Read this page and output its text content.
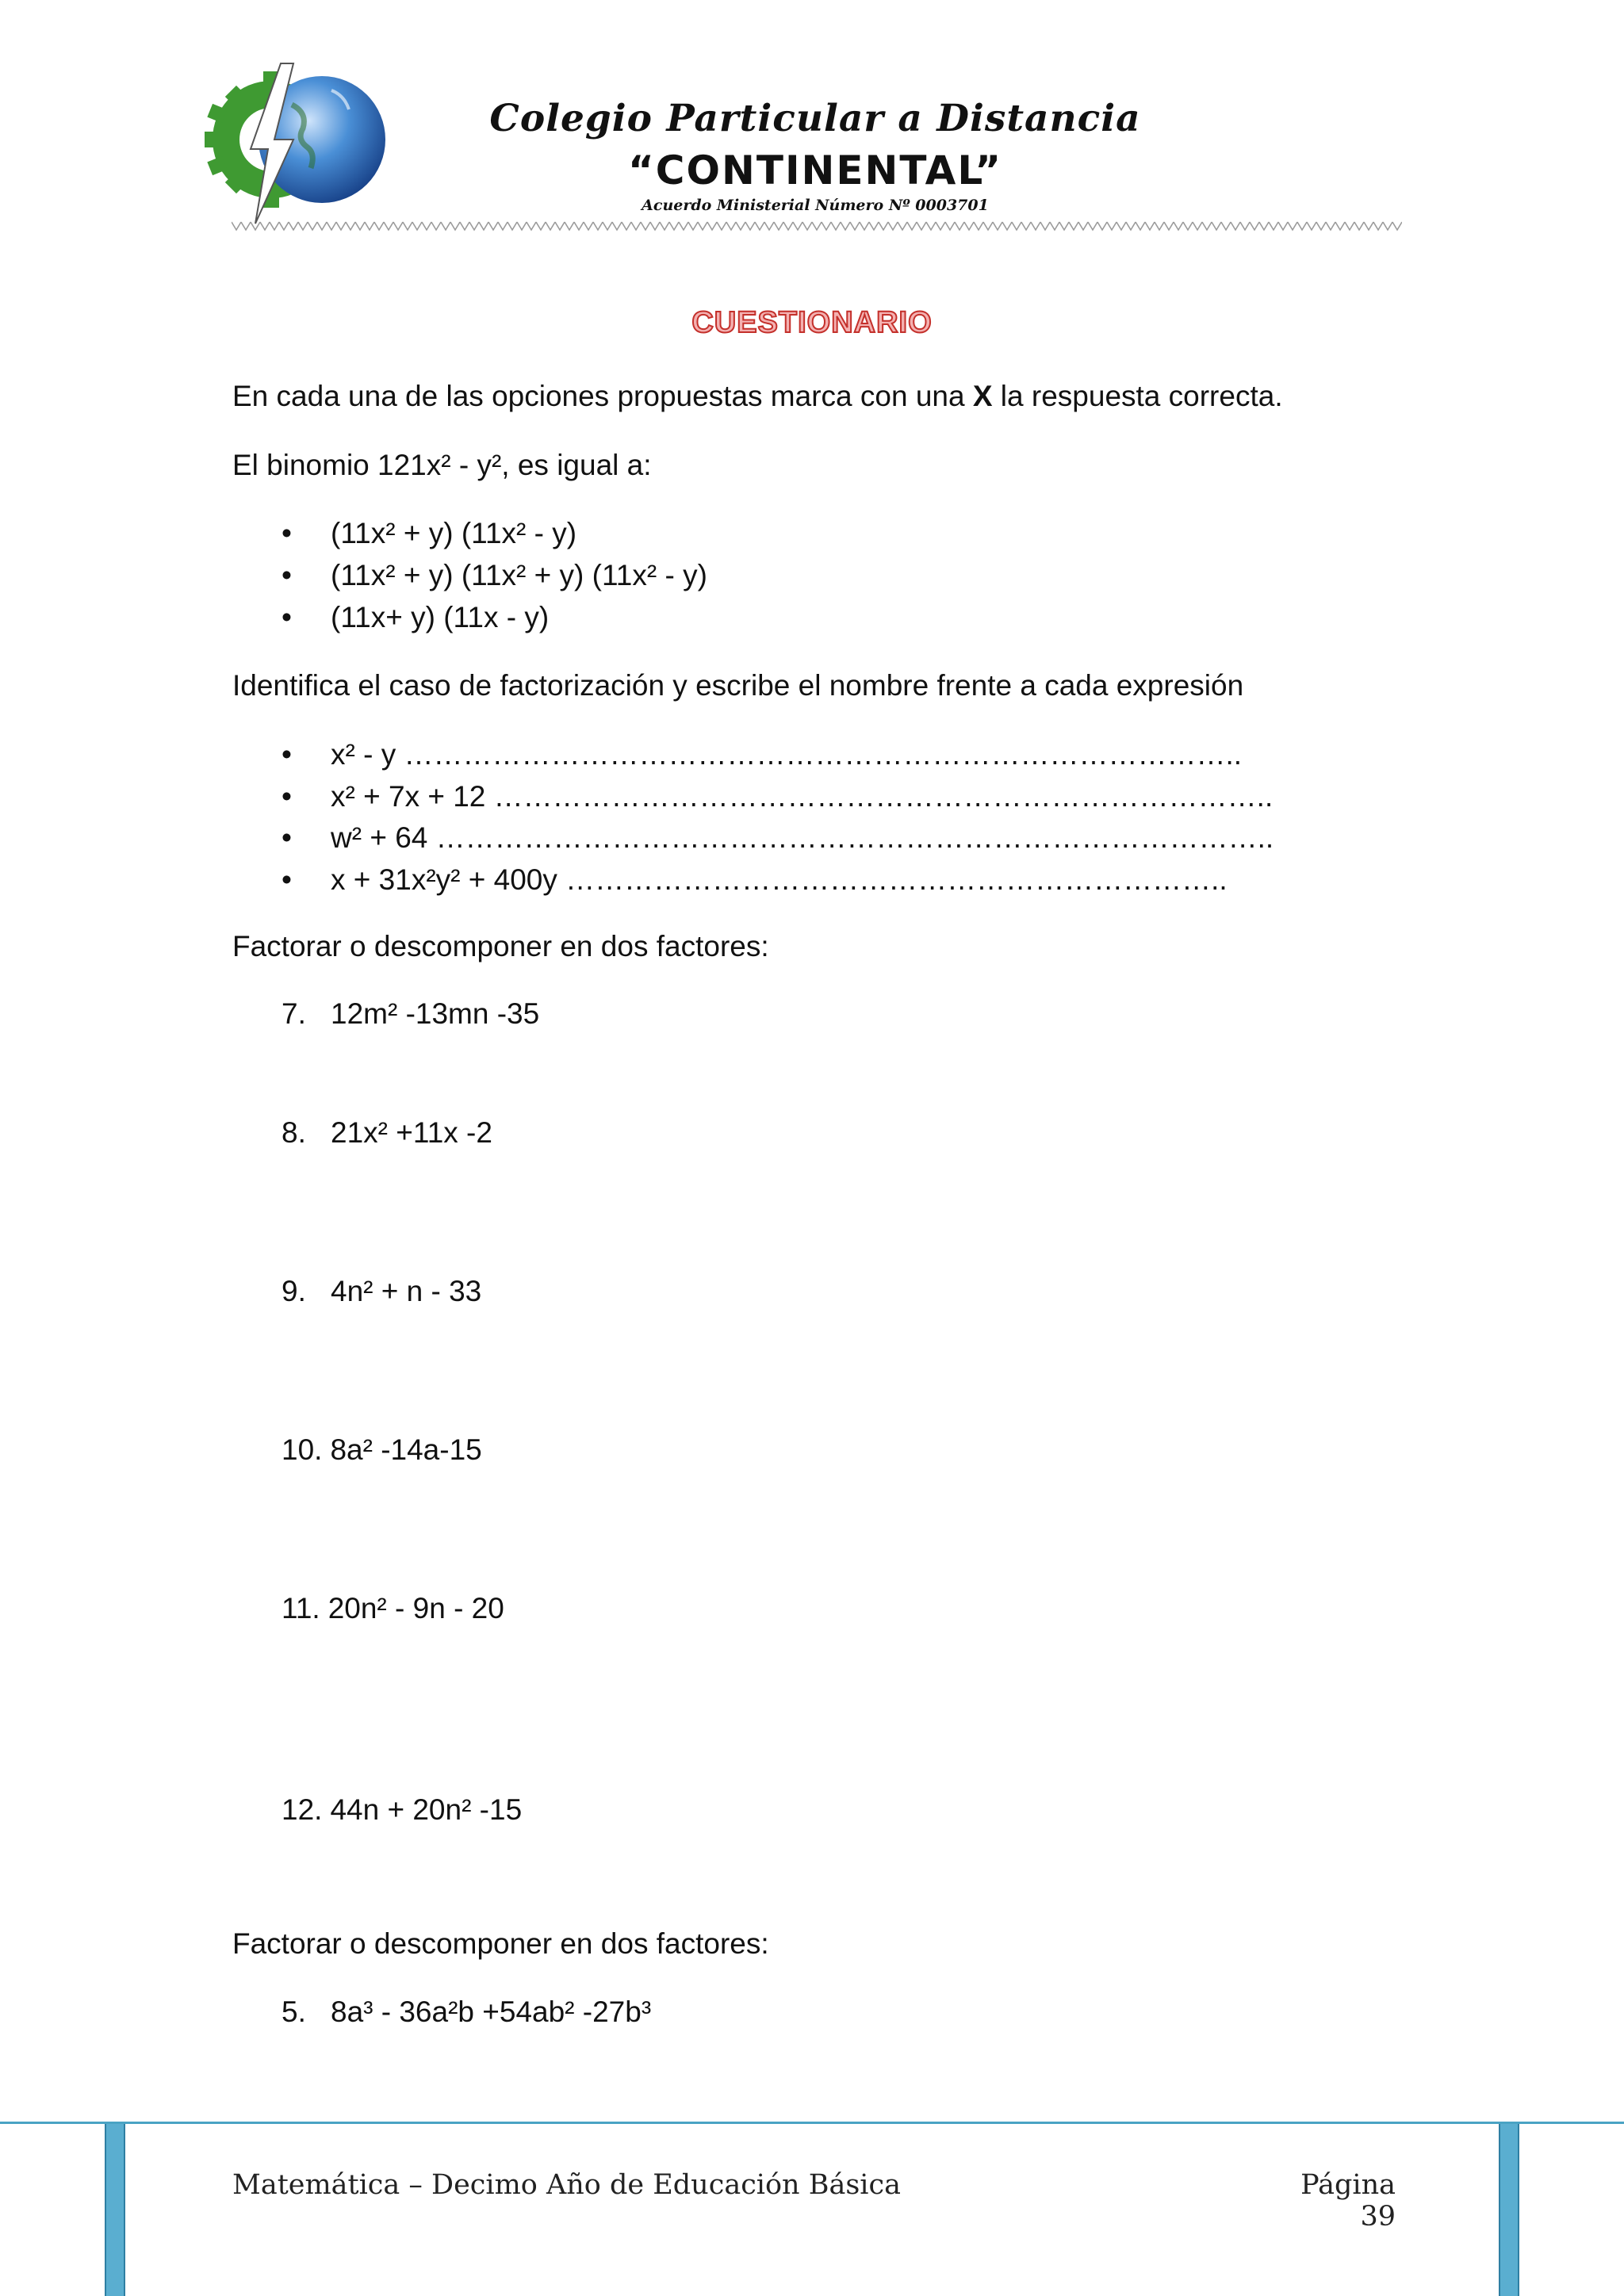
Colegio Particular a Distancia
“CONTINENTAL”
Acuerdo Ministerial Número Nº 0003701
CUESTIONARIO
En cada una de las opciones propuestas marca con una X la respuesta correcta.
El binomio 121x² - y², es igual a:
• (11x² + y) (11x² - y)
• (11x² + y) (11x² + y) (11x² - y)
• (11x+ y) (11x - y)
Identifica el caso de factorización y escribe el nombre frente a cada expresión
• x² - y …………………………………………………………………………..
• x² + 7x + 12 ……………………………………………………………………..
• w² + 64 …………………………………………………………………………..
• x + 31x²y² + 400y …………………………………………………………..
Factorar o descomponer en dos factores:
7. 12m² -13mn -35
8. 21x² +11x -2
9. 4n² + n - 33
10. 8a² -14a-15
11. 20n² - 9n - 20
12. 44n + 20n² -15
Factorar o descomponer en dos factores:
5. 8a³ - 36a²b +54ab² -27b³
Matemática – Decimo Año de Educación Básica	Página 39
